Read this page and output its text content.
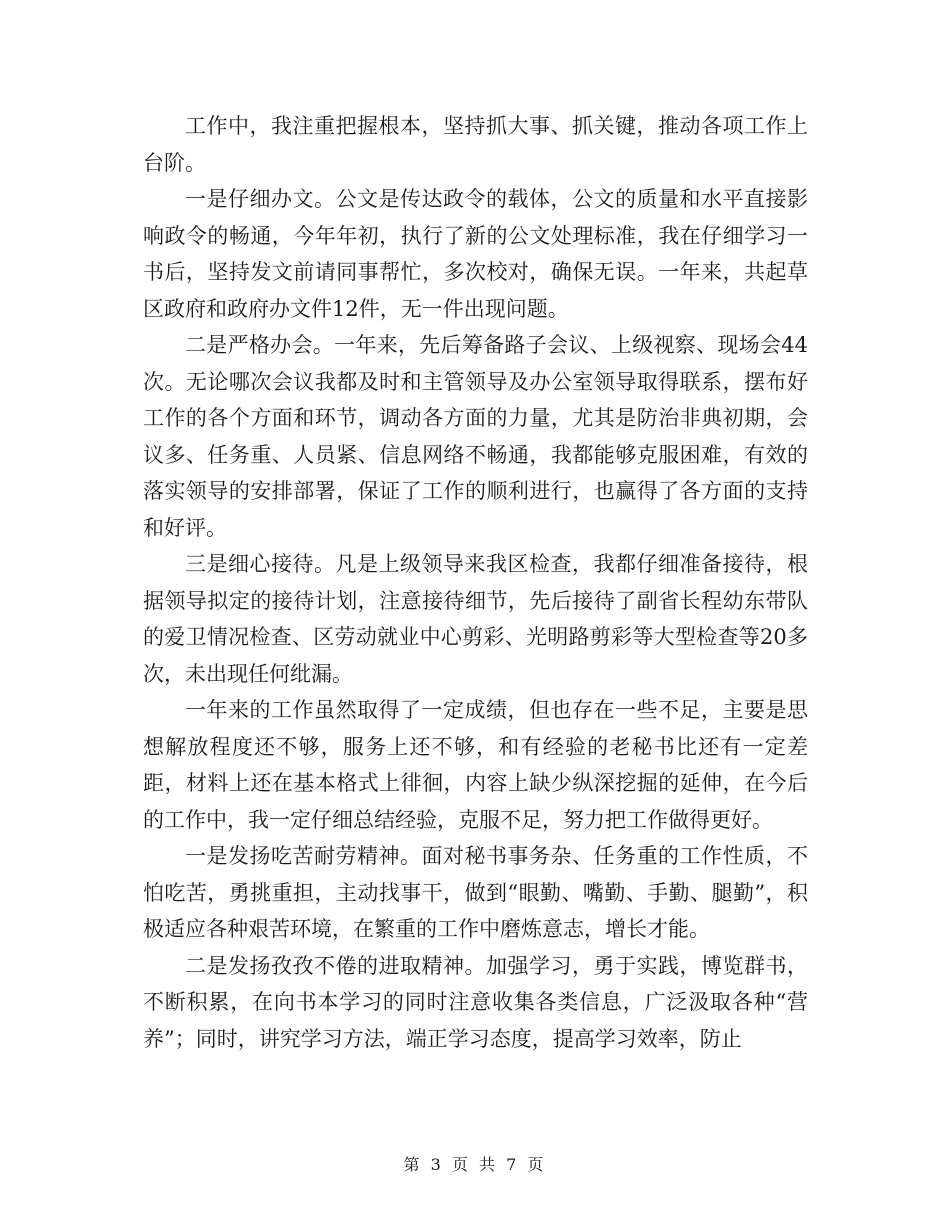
工作中，我注重把握根本，坚持抓大事、抓关键，推动各项工作上台阶。

一是仔细办文。公文是传达政令的载体，公文的质量和水平直接影响政令的畅通，今年年初，执行了新的公文处理标准，我在仔细学习一书后，坚持发文前请同事帮忙，多次校对，确保无误。一年来，共起草区政府和政府办文件12件，无一件出现问题。

二是严格办会。一年来，先后筹备路子会议、上级视察、现场会44次。无论哪次会议我都及时和主管领导及办公室领导取得联系，摆布好工作的各个方面和环节，调动各方面的力量，尤其是防治非典初期，会议多、任务重、人员紧、信息网络不畅通，我都能够克服困难，有效的落实领导的安排部署，保证了工作的顺利进行，也赢得了各方面的支持和好评。

三是细心接待。凡是上级领导来我区检查，我都仔细准备接待，根据领导拟定的接待计划，注意接待细节，先后接待了副省长程幼东带队的爱卫情况检查、区劳动就业中心剪彩、光明路剪彩等大型检查等20多次，未出现任何纰漏。

一年来的工作虽然取得了一定成绩，但也存在一些不足，主要是思想解放程度还不够，服务上还不够，和有经验的老秘书比还有一定差距，材料上还在基本格式上徘徊，内容上缺少纵深挖掘的延伸，在今后的工作中，我一定仔细总结经验，克服不足，努力把工作做得更好。

一是发扬吃苦耐劳精神。面对秘书事务杂、任务重的工作性质，不怕吃苦，勇挑重担，主动找事干，做到“眼勤、嘴勤、手勤、腿勤”，积极适应各种艰苦环境，在繁重的工作中磨炼意志，增长才能。

二是发扬孜孜不倦的进取精神。加强学习，勇于实践，博览群书，不断积累，在向书本学习的同时注意收集各类信息，广泛汲取各种“营养”；同时，讲究学习方法，端正学习态度，提高学习效率，防止

第 3 页 共 7 页
